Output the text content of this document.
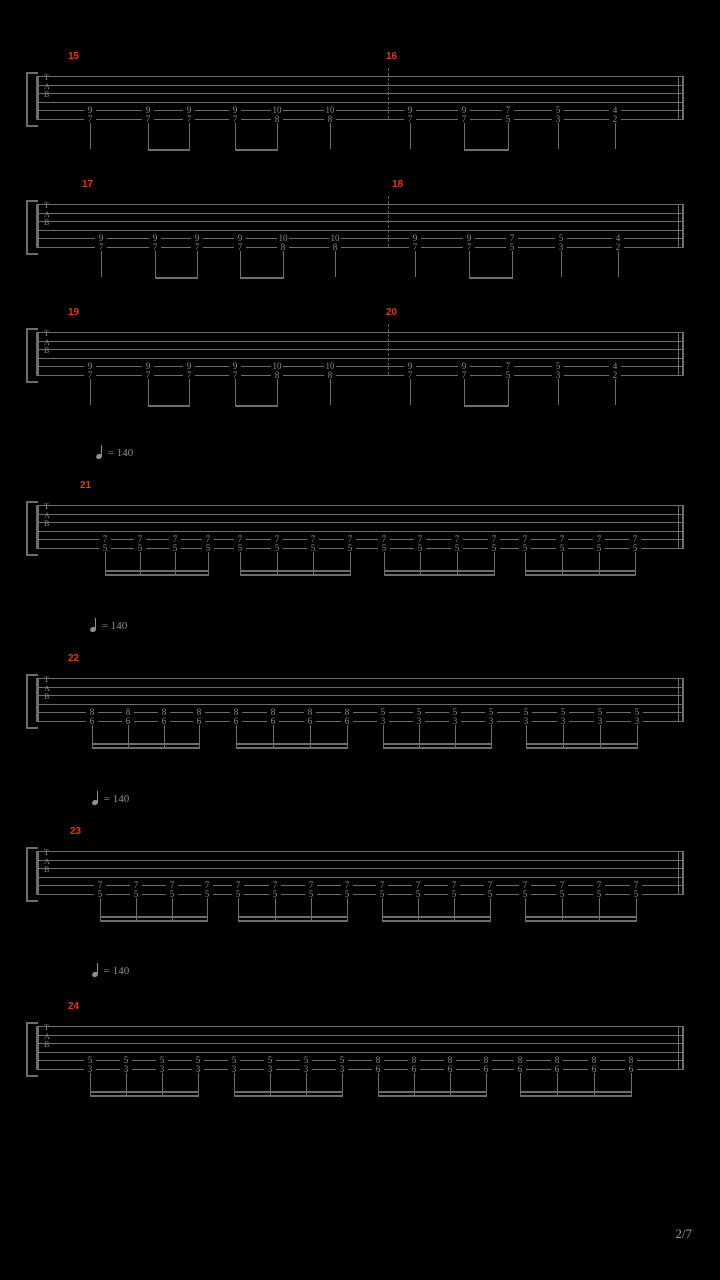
15	16
T
A
B
9
7
9
7
9
7
9
7
10
8
10
8
9
7
9
7
7
5
5
3
4
2
17	18
T
A
B
9
7
9
7
9
7
9
7
10
8
10
8
9
7
9
7
7
5
5
3
4
2
19	20
T
A
B
9
7
9
7
9
7
9
7
10
8
10
8
9
7
9
7
7
5
5
3
4
2
= 140
21
T
A
B
7
5
7
5
7
5
7
5
7
5
7
5
7
5
7
5
7
5
7
5
7
5
7
5
7
5
7
5
7
5
7
5
= 140
22
T
A
B
8
6
8
6
8
6
8
6
8
6
8
6
8
6
8
6
5
3
5
3
5
3
5
3
5
3
5
3
5
3
5
3
= 140
23
T
A
B
7
5
7
5
7
5
7
5
7
5
7
5
7
5
7
5
7
5
7
5
7
5
7
5
7
5
7
5
7
5
7
5
= 140
24
T
A
B
5
3
5
3
5
3
5
3
5
3
5
3
5
3
5
3
8
6
8
6
8
6
8
6
8
6
8
6
8
6
8
6
2/7
